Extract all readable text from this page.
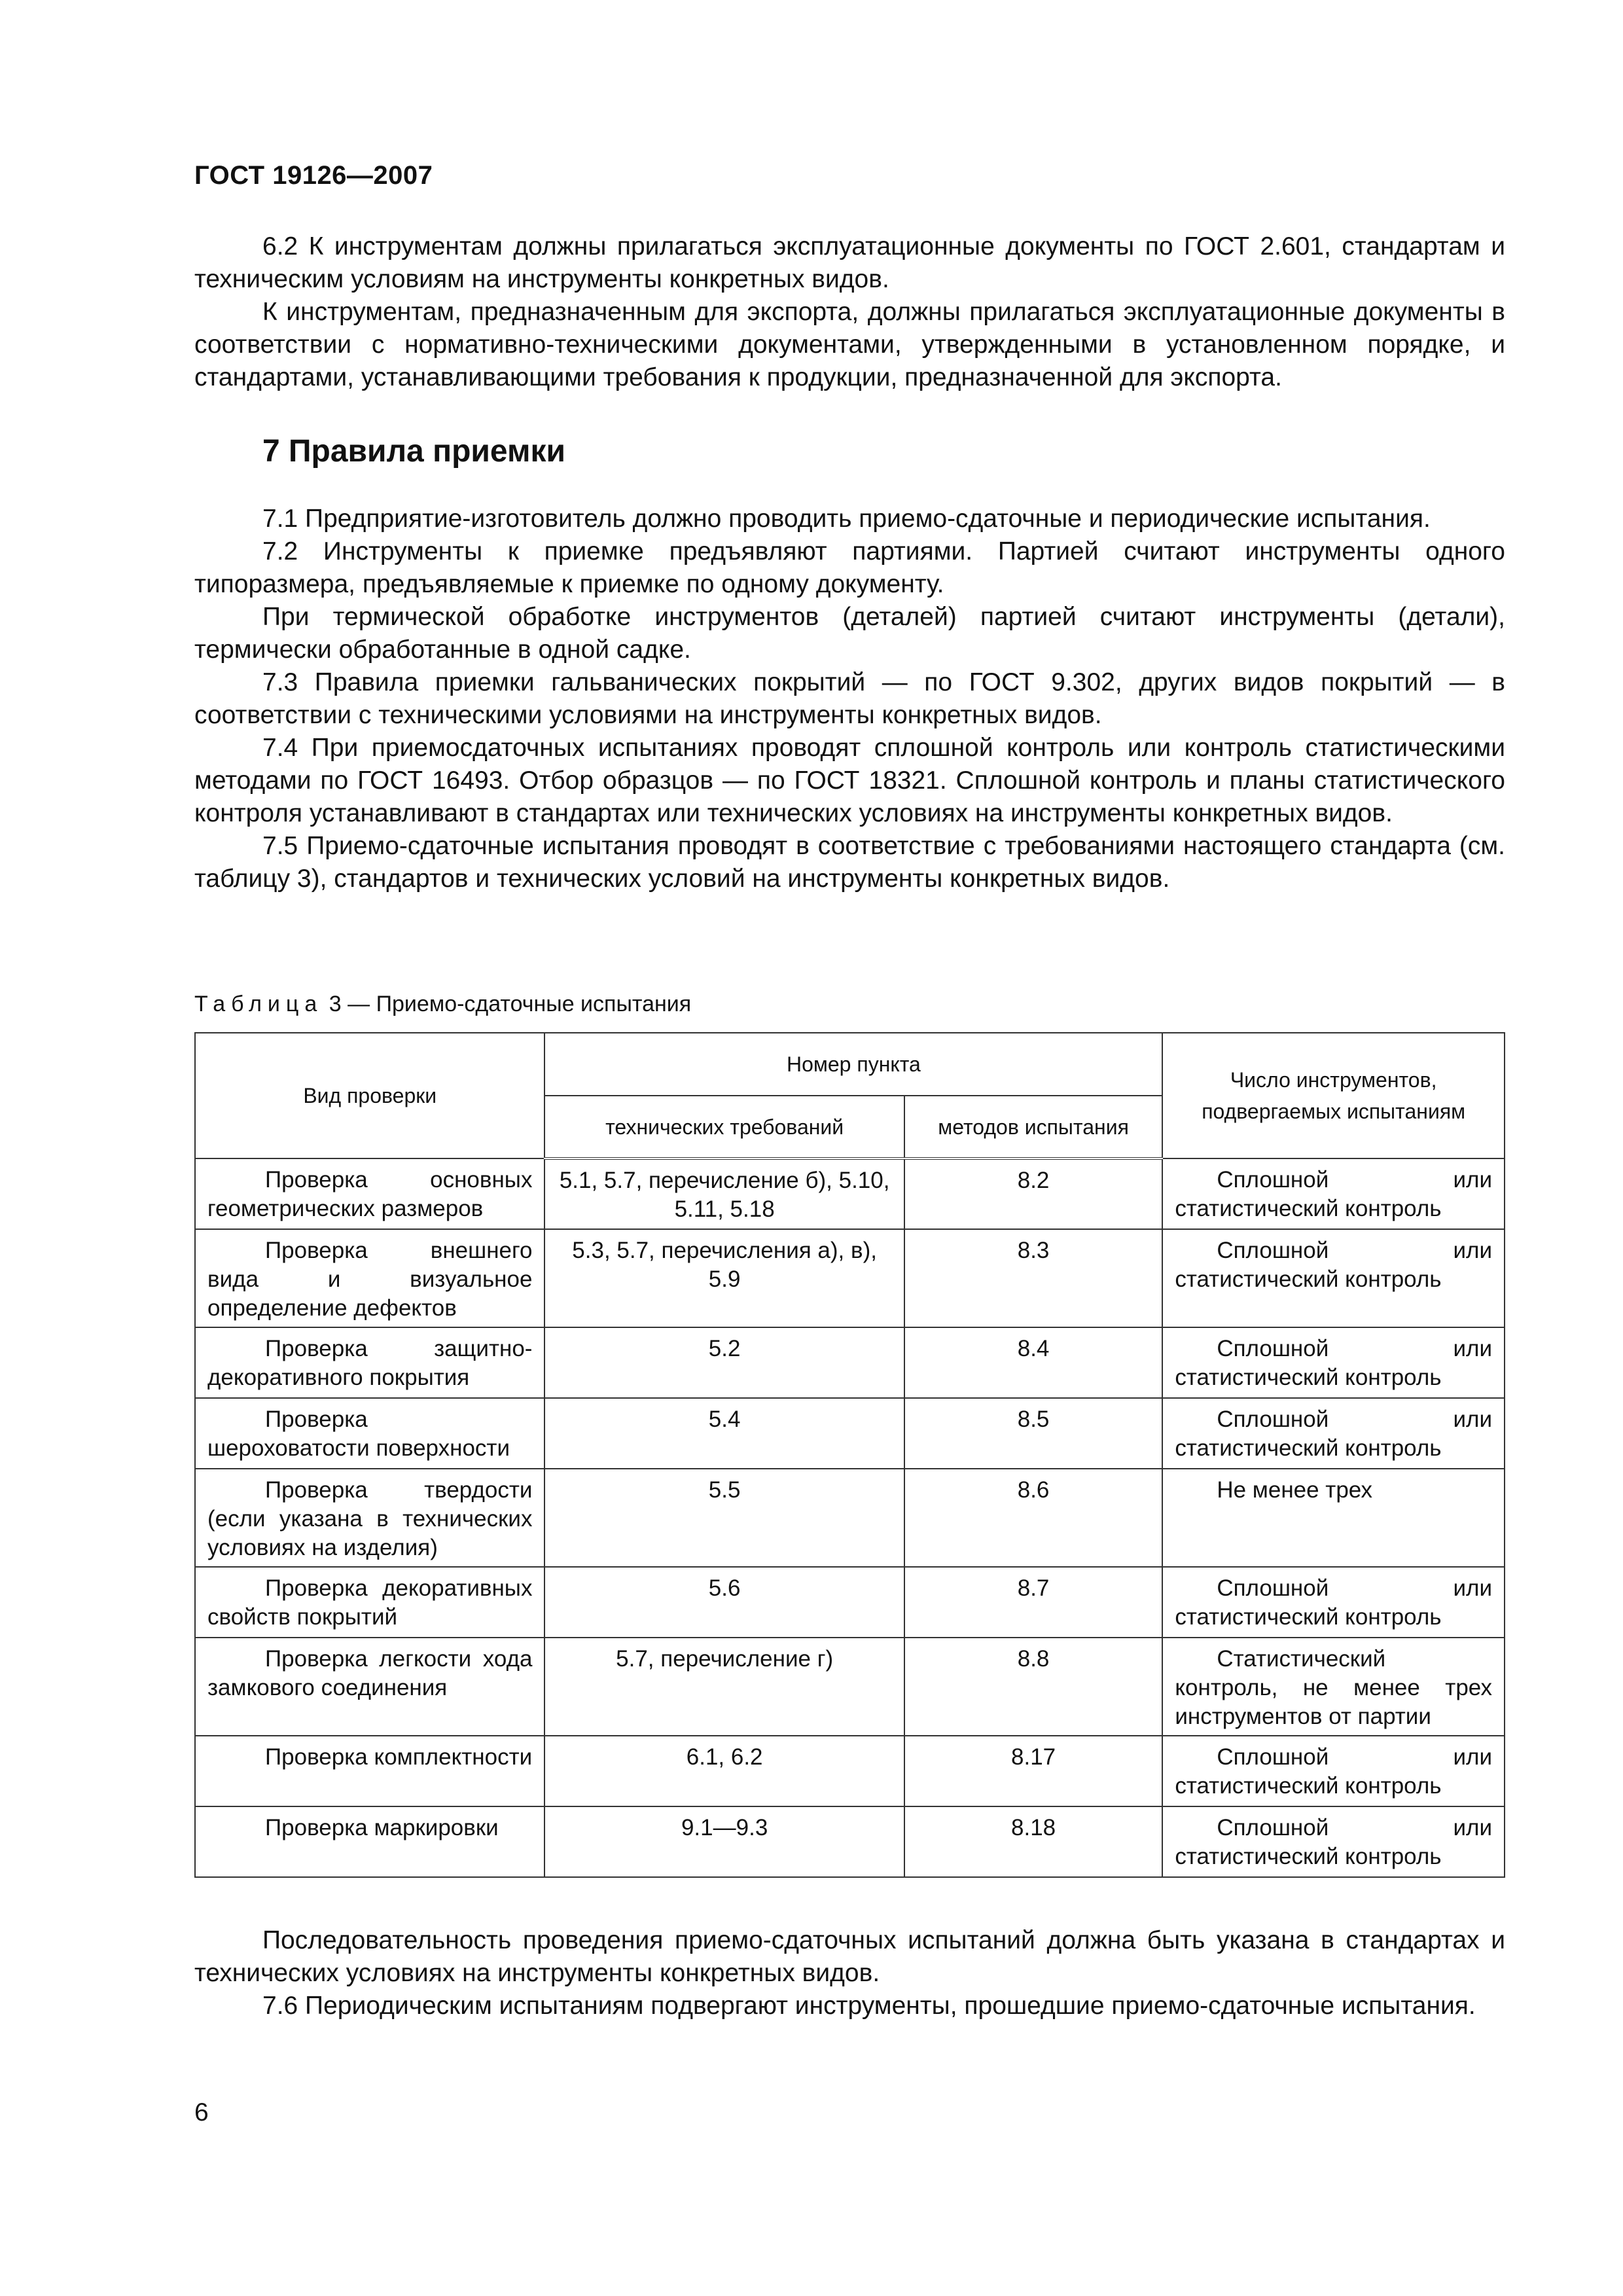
ГОСТ 19126—2007

6.2 К инструментам должны прилагаться эксплуатационные документы по ГОСТ 2.601, стандартам и техническим условиям на инструменты конкретных видов.

К инструментам, предназначенным для экспорта, должны прилагаться эксплуатационные документы в соответствии с нормативно-техническими документами, утвержденными в установленном порядке, и стандартами, устанавливающими требования к продукции, предназначенной для экспорта.

7 Правила приемки

7.1 Предприятие-изготовитель должно проводить приемо-сдаточные и периодические испытания.

7.2 Инструменты к приемке предъявляют партиями. Партией считают инструменты одного типоразмера, предъявляемые к приемке по одному документу.

При термической обработке инструментов (деталей) партией считают инструменты (детали), термически обработанные в одной садке.

7.3 Правила приемки гальванических покрытий — по ГОСТ 9.302, других видов покрытий — в соответствии с техническими условиями на инструменты конкретных видов.

7.4 При приемосдаточных испытаниях проводят сплошной контроль или контроль статистическими методами по ГОСТ 16493. Отбор образцов — по ГОСТ 18321. Сплошной контроль и планы статистического контроля устанавливают в стандартах или технических условиях на инструменты конкретных видов.

7.5 Приемо-сдаточные испытания проводят в соответствие с требованиями настоящего стандарта (см. таблицу 3), стандартов и технических условий на инструменты конкретных видов.

Таблица 3 — Приемо-сдаточные испытания
Вид проверки	Номер пункта		Число инструментов, подвергаемых испытаниям
	технических требований	методов испытания	
Проверка основных геометрических размеров	5.1, 5.7, перечисление б), 5.10, 5.11, 5.18	8.2	Сплошной или статистический контроль
Проверка внешнего вида и визуальное определение дефектов	5.3, 5.7, перечисления а), в), 5.9	8.3	Сплошной или статистический контроль
Проверка защитно-декоративного покрытия	5.2	8.4	Сплошной или статистический контроль
Проверка шероховатости поверхности	5.4	8.5	Сплошной или статистический контроль
Проверка твердости (если указана в технических условиях на изделия)	5.5	8.6	Не менее трех
Проверка декоративных свойств покрытий	5.6	8.7	Сплошной или статистический контроль
Проверка легкости хода замкового соединения	5.7, перечисление г)	8.8	Статистический контроль, не менее трех инструментов от партии
Проверка комплектности	6.1, 6.2	8.17	Сплошной или статистический контроль
Проверка маркировки	9.1—9.3	8.18	Сплошной или статистический контроль

Последовательность проведения приемо-сдаточных испытаний должна быть указана в стандартах и технических условиях на инструменты конкретных видов.

7.6 Периодическим испытаниям подвергают инструменты, прошедшие приемо-сдаточные испытания.

6
